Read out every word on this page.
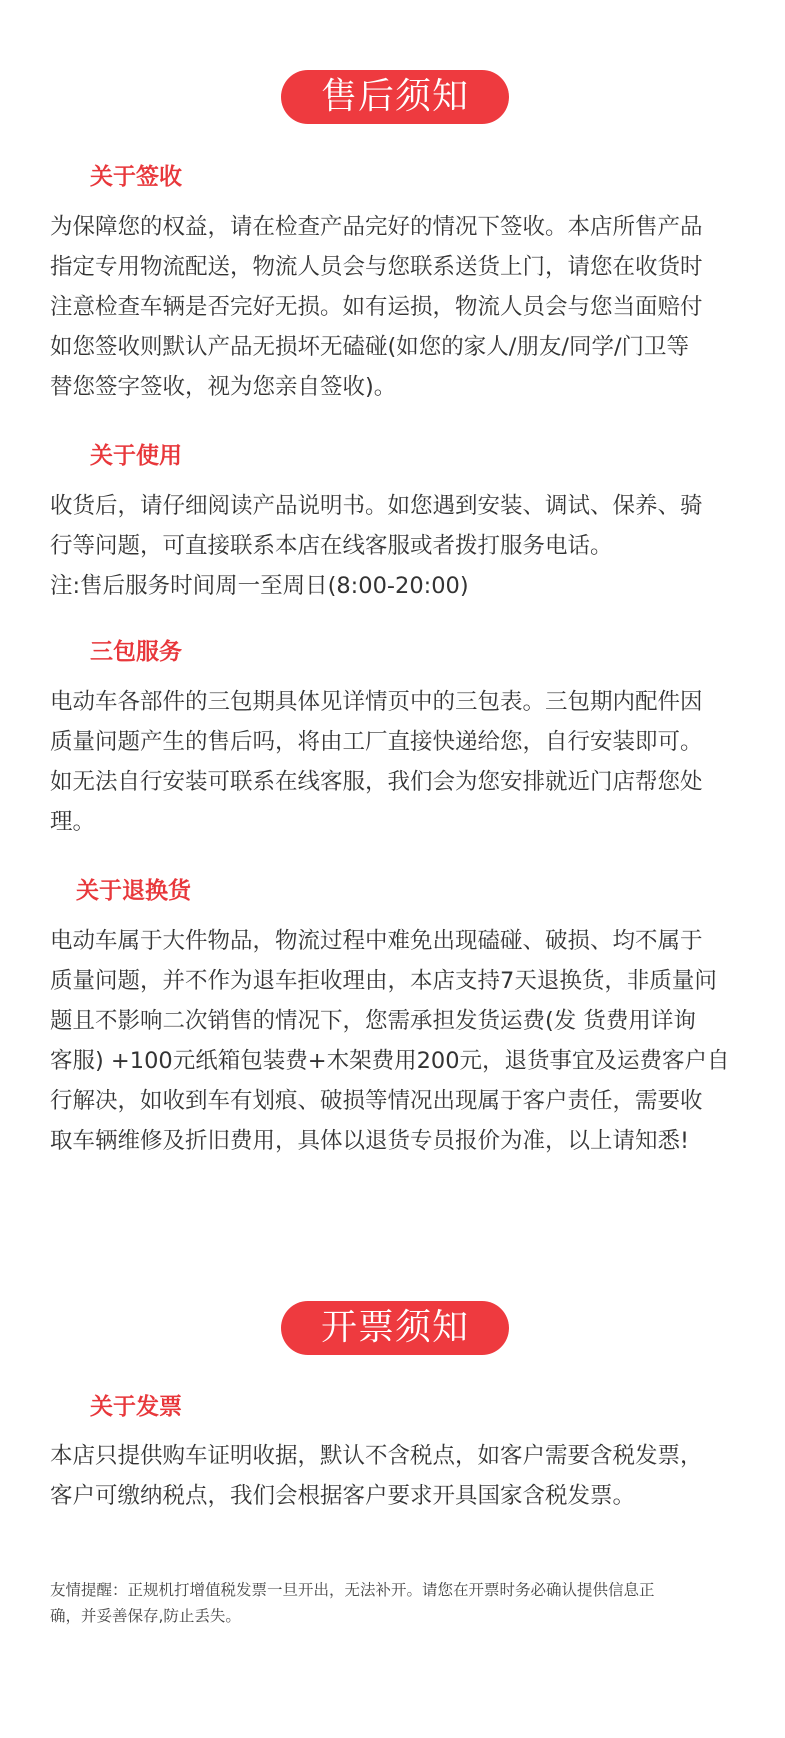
售后须知
关于签收
为保障您的权益，请在检查产品完好的情况下签收。本店所售产品
指定专用物流配送，物流人员会与您联系送货上门，请您在收货时
注意检查车辆是否完好无损。如有运损，物流人员会与您当面赔付
如您签收则默认产品无损坏无磕碰(如您的家人/朋友/同学/门卫等
替您签字签收，视为您亲自签收)。
关于使用
收货后，请仔细阅读产品说明书。如您遇到安装、调试、保养、骑
行等问题，可直接联系本店在线客服或者拨打服务电话。
注:售后服务时间周一至周日(8:00-20:00)
三包服务
电动车各部件的三包期具体见详情页中的三包表。三包期内配件因
质量问题产生的售后吗，将由工厂直接快递给您，自行安装即可。
如无法自行安装可联系在线客服，我们会为您安排就近门店帮您处
理。
关于退换货
电动车属于大件物品，物流过程中难免出现磕碰、破损、均不属于
质量问题，并不作为退车拒收理由，本店支持7天退换货，非质量问
题且不影响二次销售的情况下，您需承担发货运费(发 货费用详询
客服) +100元纸箱包装费+木架费用200元，退货事宜及运费客户自
行解决，如收到车有划痕、破损等情况出现属于客户责任，需要收
取车辆维修及折旧费用，具体以退货专员报价为准，以上请知悉!
开票须知
关于发票
本店只提供购车证明收据，默认不含税点，如客户需要含税发票，
客户可缴纳税点，我们会根据客户要求开具国家含税发票。
友情提醒：正规机打增值税发票一旦开出，无法补开。请您在开票时务必确认提供信息正
确，并妥善保存,防止丢失。
